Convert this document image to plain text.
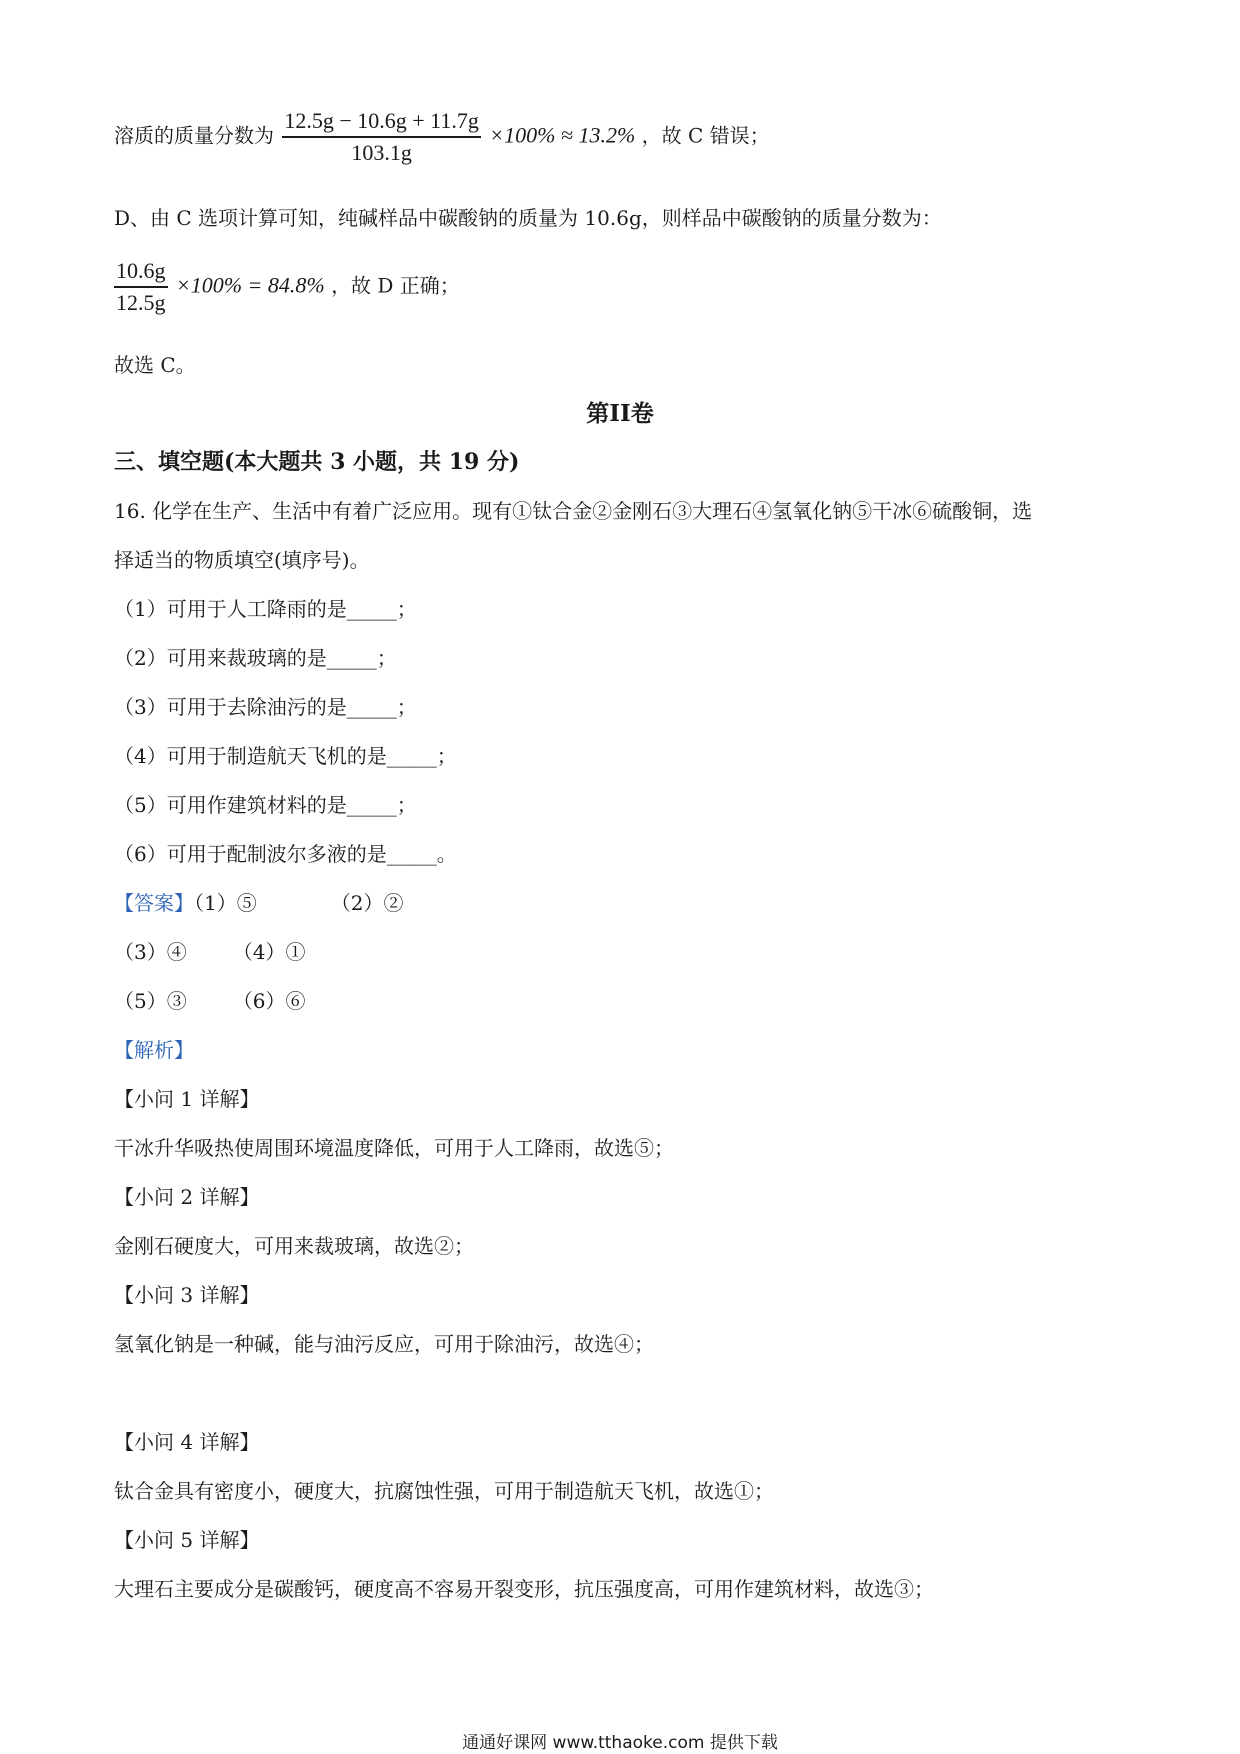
溶质的质量分数为 $\frac{12.5g - 10.6g + 11.7g}{103.1g} \times 100\% \approx 13.2\%$ ，故 C 错误；
D、由 C 选项计算可知，纯碱样品中碳酸钠的质量为 10.6g，则样品中碳酸钠的质量分数为：
$\frac{10.6g}{12.5g} \times 100\% = 84.8\%$ ，故 D 正确；
故选 C。
第II卷
三、填空题(本大题共 3 小题，共 19 分)
16. 化学在生产、生活中有着广泛应用。现有①钛合金②金刚石③大理石④氢氧化钠⑤干冰⑥硫酸铜，选
择适当的物质填空(填序号)。
（1）可用于人工降雨的是_____；
（2）可用来裁玻璃的是_____；
（3）可用于去除油污的是_____；
（4）可用于制造航天飞机的是_____；
（5）可用作建筑材料的是_____；
（6）可用于配制波尔多液的是_____。
【答案】（1）⑤	（2）②
（3）④ （4）①
（5）③ （6）⑥
【解析】
【小问 1 详解】
干冰升华吸热使周围环境温度降低，可用于人工降雨，故选⑤；
【小问 2 详解】
金刚石硬度大，可用来裁玻璃，故选②；
【小问 3 详解】
氢氧化钠是一种碱，能与油污反应，可用于除油污，故选④；
【小问 4 详解】
钛合金具有密度小，硬度大，抗腐蚀性强，可用于制造航天飞机，故选①；
【小问 5 详解】
大理石主要成分是碳酸钙，硬度高不容易开裂变形，抗压强度高，可用作建筑材料，故选③；
通通好课网 www.tthaoke.com 提供下载
